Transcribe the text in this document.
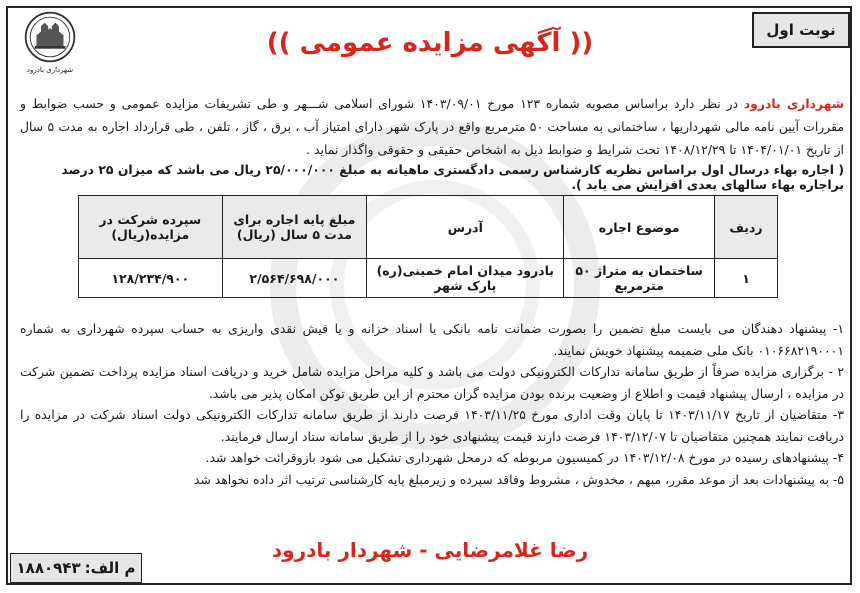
شهرداری بادرود
نوبت اول
(( آگهی مزایده عمومی ))
شهرداری بادرود در نظر دارد براساس مصوبه شماره ۱۲۳ مورخ ۱۴۰۳/۰۹/۰۱ شورای اسلامی شـــهر و طی تشریفات مزایده عمومی و حسب ضوابط و مقررات آیین نامه مالی شهرداریها ، ساختمانی به مساحت ۵۰ مترمربع واقع در پارک شهر دارای امتیاز آب ، برق ، گاز ، تلفن ، طی قرارداد اجاره به مدت ۵ سال از تاریخ ۱۴۰۴/۰۱/۰۱ تا ۱۴۰۸/۱۲/۲۹ تحت شرایط و ضوابط ذیل به اشخاص حقیقی و حقوقی واگذار نماید .
( اجاره بهاء درسال اول براساس نظریه کارشناس رسمی دادگستری ماهیانه به مبلغ ۲۵/۰۰۰/۰۰۰ ریال می باشد که میزان ۲۵ درصد براجاره بهاء سالهای بعدی افزایش می یابد ).
ردیف	موضوع اجاره	آدرس	مبلغ پایه اجاره برای مدت ۵ سال (ریال)	سپرده شرکت در مزایده(ریال)
۱	ساختمان به متراژ ۵۰ مترمربع	بادرود میدان امام خمینی(ره) پارک شهر	۲/۵۶۴/۶۹۸/۰۰۰	۱۲۸/۲۳۴/۹۰۰

۱- پیشنهاد دهندگان می بایست مبلغ تضمین را بصورت ضمانت نامه بانکی یا اسناد خزانه و یا فیش نقدی واریزی به حساب سپرده شهرداری به شماره ۰۱۰۶۶۸۲۱۹۰۰۰۱ بانک ملی ضمیمه پیشنهاد خویش نمایند.

۲ - برگزاری مزایده صرفاً از طریق سامانه تدارکات الکترونیکی دولت می باشد و کلیه مراحل مزایده شامل خرید و دریافت اسناد مزایده پرداخت تضمین شرکت در مزایده ، ارسال پیشنهاد قیمت و اطلاع از وضعیت برنده بودن مزایده گران محترم از این طریق توکن امکان پذیر می باشد.

۳- متقاضیان از تاریخ ۱۴۰۳/۱۱/۱۷ تا پایان وقت اداری مورخ ۱۴۰۳/۱۱/۲۵ فرصت دارند از طریق سامانه تدارکات الکترونیکی دولت اسناد شرکت در مزایده را دریافت نمایند همچنین متقاضیان تا ۱۴۰۳/۱۲/۰۷ فرصت دارند قیمت پیشنهادی خود را از طریق سامانه ستاد ارسال فرمایند.

۴- پیشنهادهای رسیده در مورخ ۱۴۰۳/۱۲/۰۸ در کمیسیون مربوطه که درمحل شهرداری تشکیل می شود بازوقرائت خواهد شد.

۵- به پیشنهادات بعد از موعد مقرر، مبهم ، مخدوش ، مشروط وفاقد سپرده و زیرمبلغ پایه کارشناسی ترتیب اثر داده نخواهد شد

رضا غلامرضایی - شهردار بادرود
م الف:
۱۸۸۰۹۴۳
